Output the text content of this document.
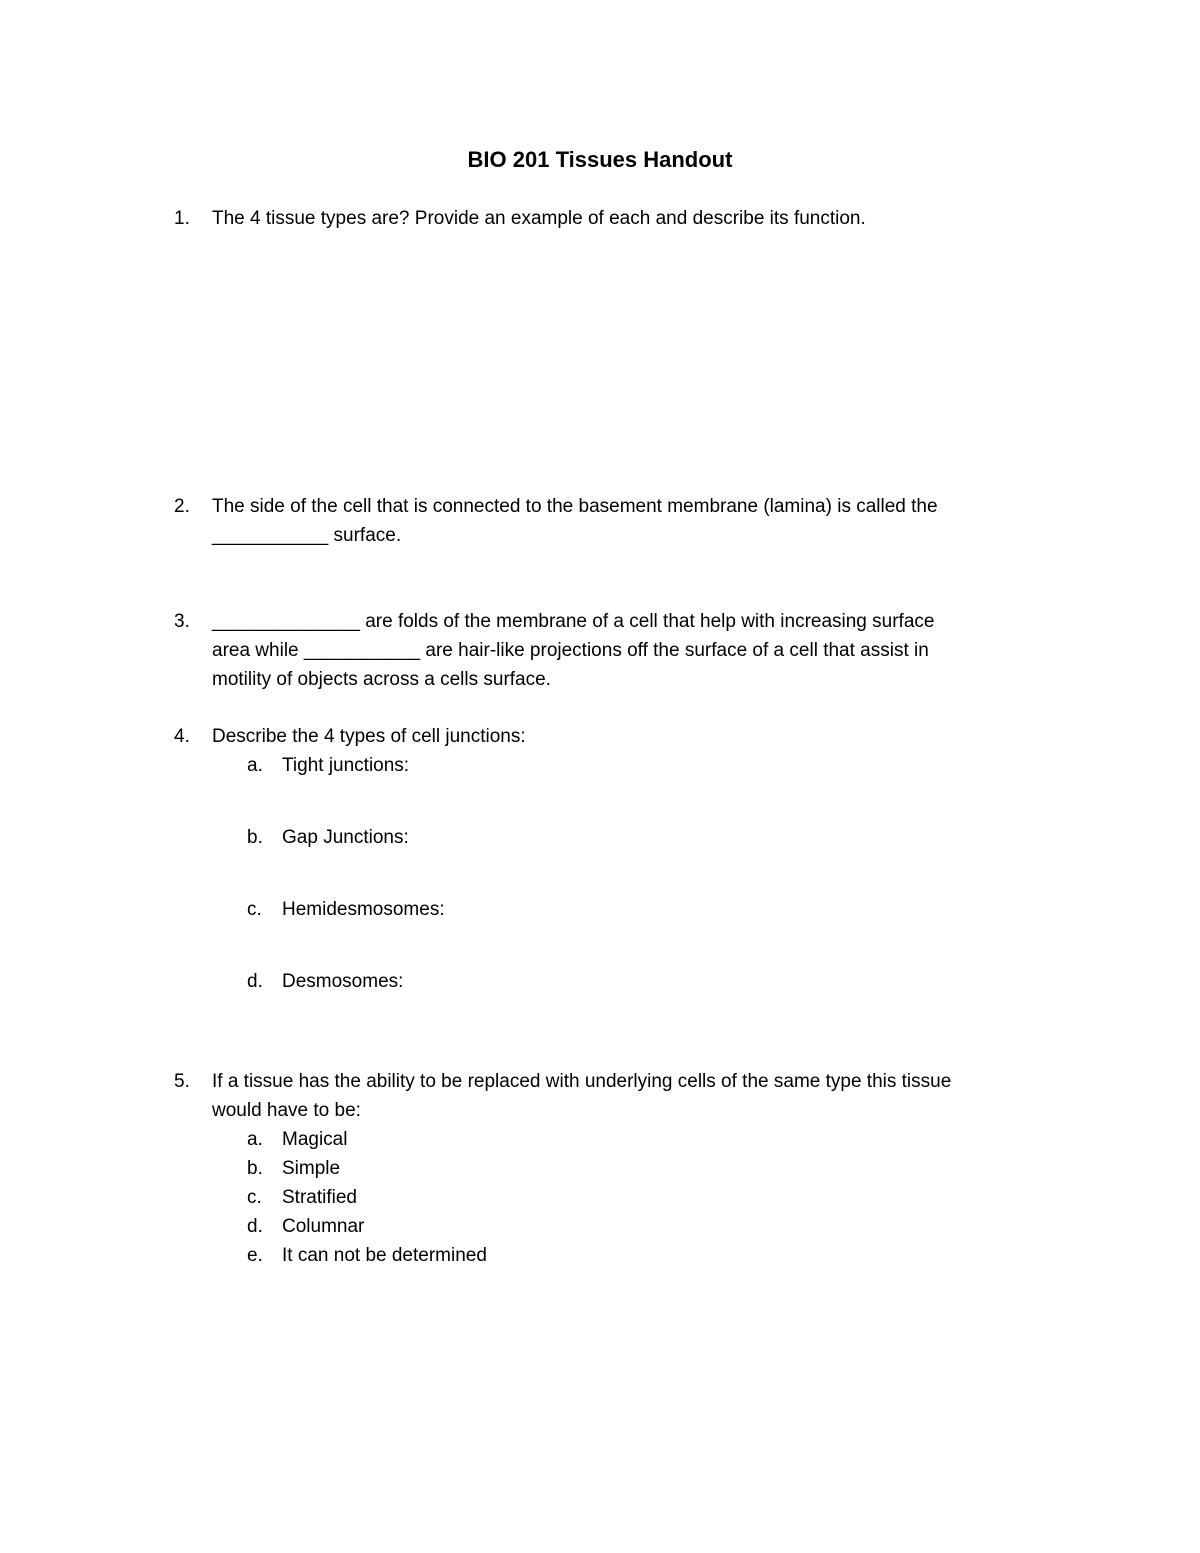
BIO 201 Tissues Handout
1.	The 4 tissue types are? Provide an example of each and describe its function.
2.	The side of the cell that is connected to the basement membrane (lamina) is called the
___________ surface.
3.	______________ are folds of the membrane of a cell that help with increasing surface
area while ___________ are hair-like projections off the surface of a cell that assist in
motility of objects across a cells surface.
4.	Describe the 4 types of cell junctions:
a.	Tight junctions:
b.	Gap Junctions:
c.	Hemidesmosomes:
d.	Desmosomes:
5.	If a tissue has the ability to be replaced with underlying cells of the same type this tissue
would have to be:
a.	Magical
b.	Simple
c.	Stratified
d.	Columnar
e.	It can not be determined
